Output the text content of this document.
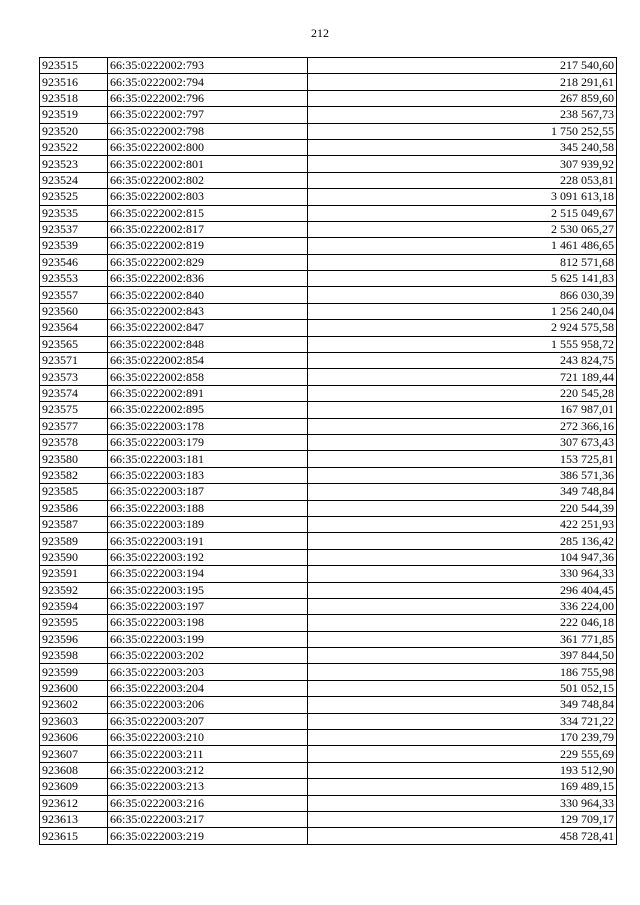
212
923515	66:35:0222002:793	217 540,60
923516	66:35:0222002:794	218 291,61
923518	66:35:0222002:796	267 859,60
923519	66:35:0222002:797	238 567,73
923520	66:35:0222002:798	1 750 252,55
923522	66:35:0222002:800	345 240,58
923523	66:35:0222002:801	307 939,92
923524	66:35:0222002:802	228 053,81
923525	66:35:0222002:803	3 091 613,18
923535	66:35:0222002:815	2 515 049,67
923537	66:35:0222002:817	2 530 065,27
923539	66:35:0222002:819	1 461 486,65
923546	66:35:0222002:829	812 571,68
923553	66:35:0222002:836	5 625 141,83
923557	66:35:0222002:840	866 030,39
923560	66:35:0222002:843	1 256 240,04
923564	66:35:0222002:847	2 924 575,58
923565	66:35:0222002:848	1 555 958,72
923571	66:35:0222002:854	243 824,75
923573	66:35:0222002:858	721 189,44
923574	66:35:0222002:891	220 545,28
923575	66:35:0222002:895	167 987,01
923577	66:35:0222003:178	272 366,16
923578	66:35:0222003:179	307 673,43
923580	66:35:0222003:181	153 725,81
923582	66:35:0222003:183	386 571,36
923585	66:35:0222003:187	349 748,84
923586	66:35:0222003:188	220 544,39
923587	66:35:0222003:189	422 251,93
923589	66:35:0222003:191	285 136,42
923590	66:35:0222003:192	104 947,36
923591	66:35:0222003:194	330 964,33
923592	66:35:0222003:195	296 404,45
923594	66:35:0222003:197	336 224,00
923595	66:35:0222003:198	222 046,18
923596	66:35:0222003:199	361 771,85
923598	66:35:0222003:202	397 844,50
923599	66:35:0222003:203	186 755,98
923600	66:35:0222003:204	501 052,15
923602	66:35:0222003:206	349 748,84
923603	66:35:0222003:207	334 721,22
923606	66:35:0222003:210	170 239,79
923607	66:35:0222003:211	229 555,69
923608	66:35:0222003:212	193 512,90
923609	66:35:0222003:213	169 489,15
923612	66:35:0222003:216	330 964,33
923613	66:35:0222003:217	129 709,17
923615	66:35:0222003:219	458 728,41
